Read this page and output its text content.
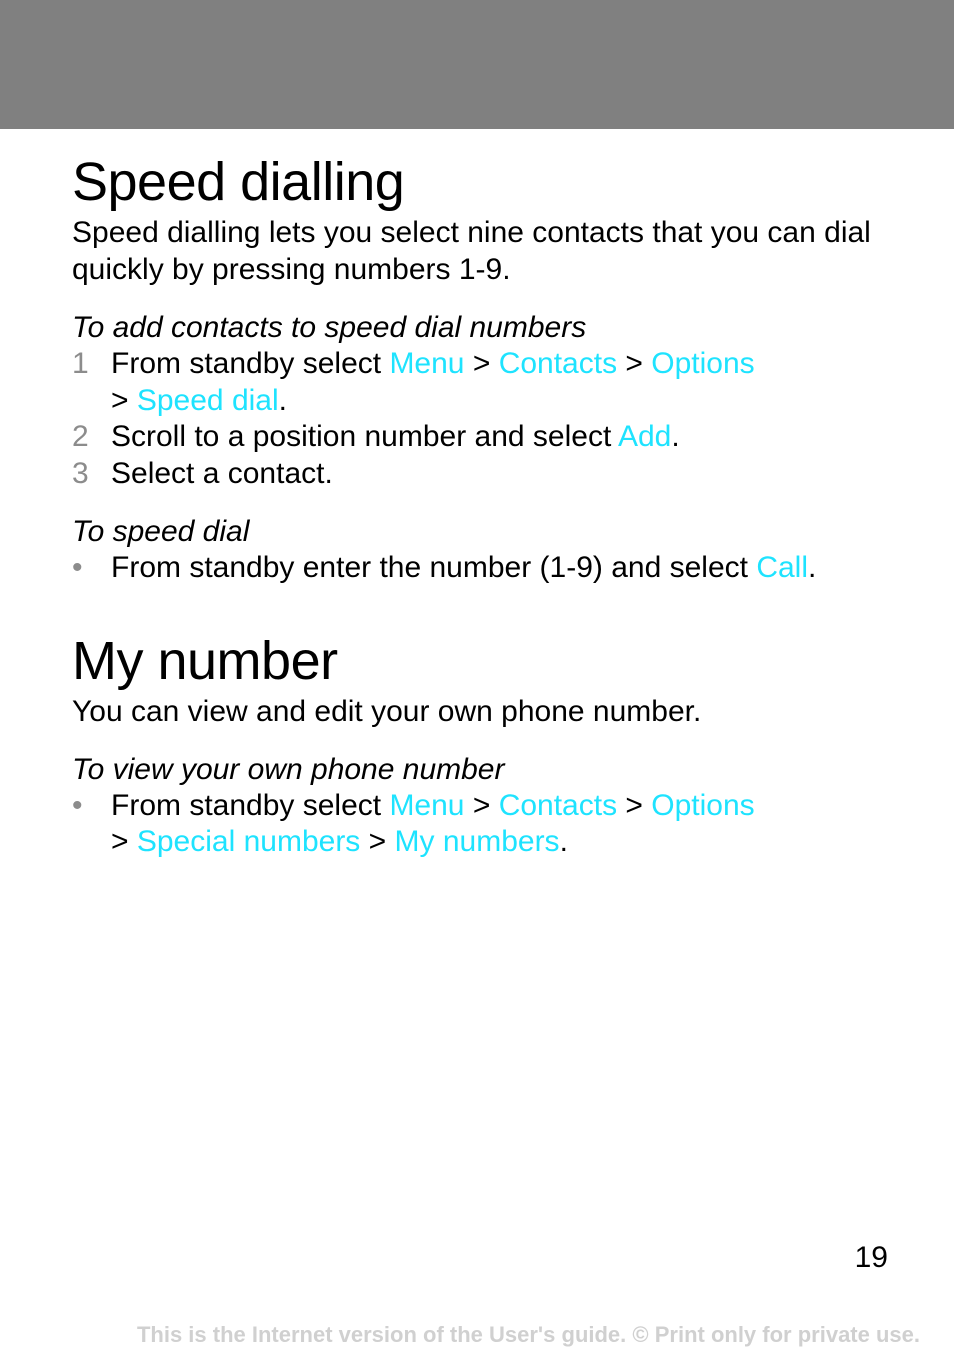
Speed dialling

Speed dialling lets you select nine contacts that you can dial quickly by pressing numbers 1-9.

To add contacts to speed dial numbers
1 From standby select Menu > Contacts > Options
> Speed dial.
2 Scroll to a position number and select Add.
3 Select a contact.
To speed dial
• From standby enter the number (1-9) and select Call.
My number

You can view and edit your own phone number.

To view your own phone number
• From standby select Menu > Contacts > Options
> Special numbers > My numbers.
19
This is the Internet version of the User's guide. © Print only for private use.
